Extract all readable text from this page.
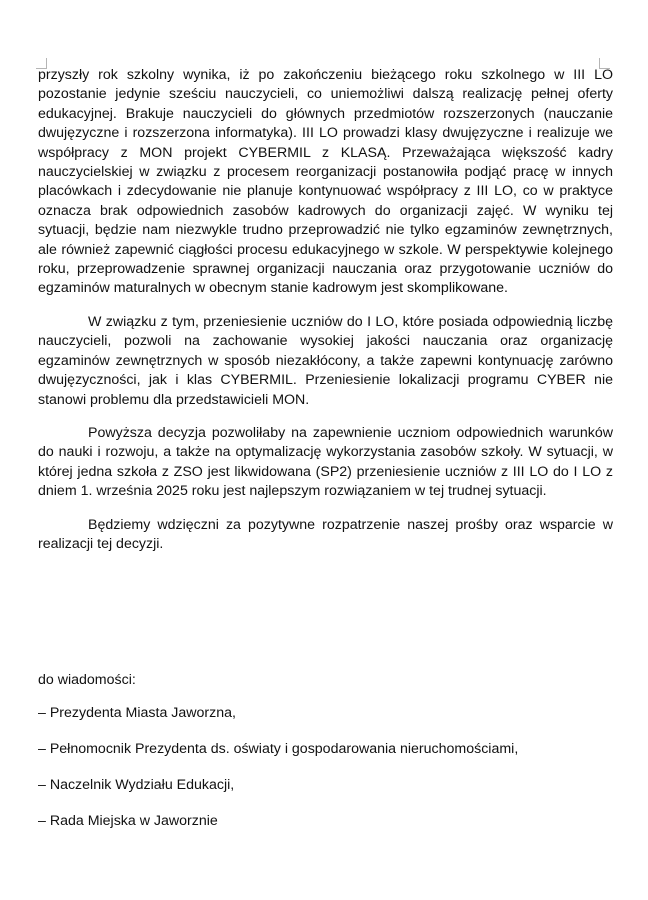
przyszły rok szkolny wynika, iż po zakończeniu bieżącego roku szkolnego w III LO pozostanie jedynie sześciu nauczycieli, co uniemożliwi dalszą realizację pełnej oferty edukacyjnej. Brakuje nauczycieli do głównych przedmiotów rozszerzonych (nauczanie dwujęzyczne i rozszerzona informatyka). III LO prowadzi klasy dwujęzyczne i realizuje we współpracy z MON projekt CYBERMIL z KLASĄ. Przeważająca większość kadry nauczycielskiej w związku z procesem reorganizacji postanowiła podjąć pracę w innych placówkach i zdecydowanie nie planuje kontynuować współpracy z III LO, co w praktyce oznacza brak odpowiednich zasobów kadrowych do organizacji zajęć. W wyniku tej sytuacji, będzie nam niezwykle trudno przeprowadzić nie tylko egzaminów zewnętrznych, ale również zapewnić ciągłości procesu edukacyjnego w szkole. W perspektywie kolejnego roku, przeprowadzenie sprawnej organizacji nauczania oraz przygotowanie uczniów do egzaminów maturalnych w obecnym stanie kadrowym jest skomplikowane.

W związku z tym, przeniesienie uczniów do I LO, które posiada odpowiednią liczbę nauczycieli, pozwoli na zachowanie wysokiej jakości nauczania oraz organizację egzaminów zewnętrznych w sposób niezakłócony, a także zapewni kontynuację zarówno dwujęzyczności, jak i klas CYBERMIL. Przeniesienie lokalizacji programu CYBER nie stanowi problemu dla przedstawicieli MON.

Powyższa decyzja pozwoliłaby na zapewnienie uczniom odpowiednich warunków do nauki i rozwoju, a także na optymalizację wykorzystania zasobów szkoły. W sytuacji, w której jedna szkoła z ZSO jest likwidowana (SP2) przeniesienie uczniów z III LO do I LO z dniem 1. września 2025 roku jest najlepszym rozwiązaniem w tej trudnej sytuacji.

Będziemy wdzięczni za pozytywne rozpatrzenie naszej prośby oraz wsparcie w realizacji tej decyzji.

do wiadomości:
– Prezydenta Miasta Jaworzna,
– Pełnomocnik Prezydenta ds. oświaty i gospodarowania nieruchomościami,
– Naczelnik Wydziału Edukacji,
– Rada Miejska w Jaworznie
